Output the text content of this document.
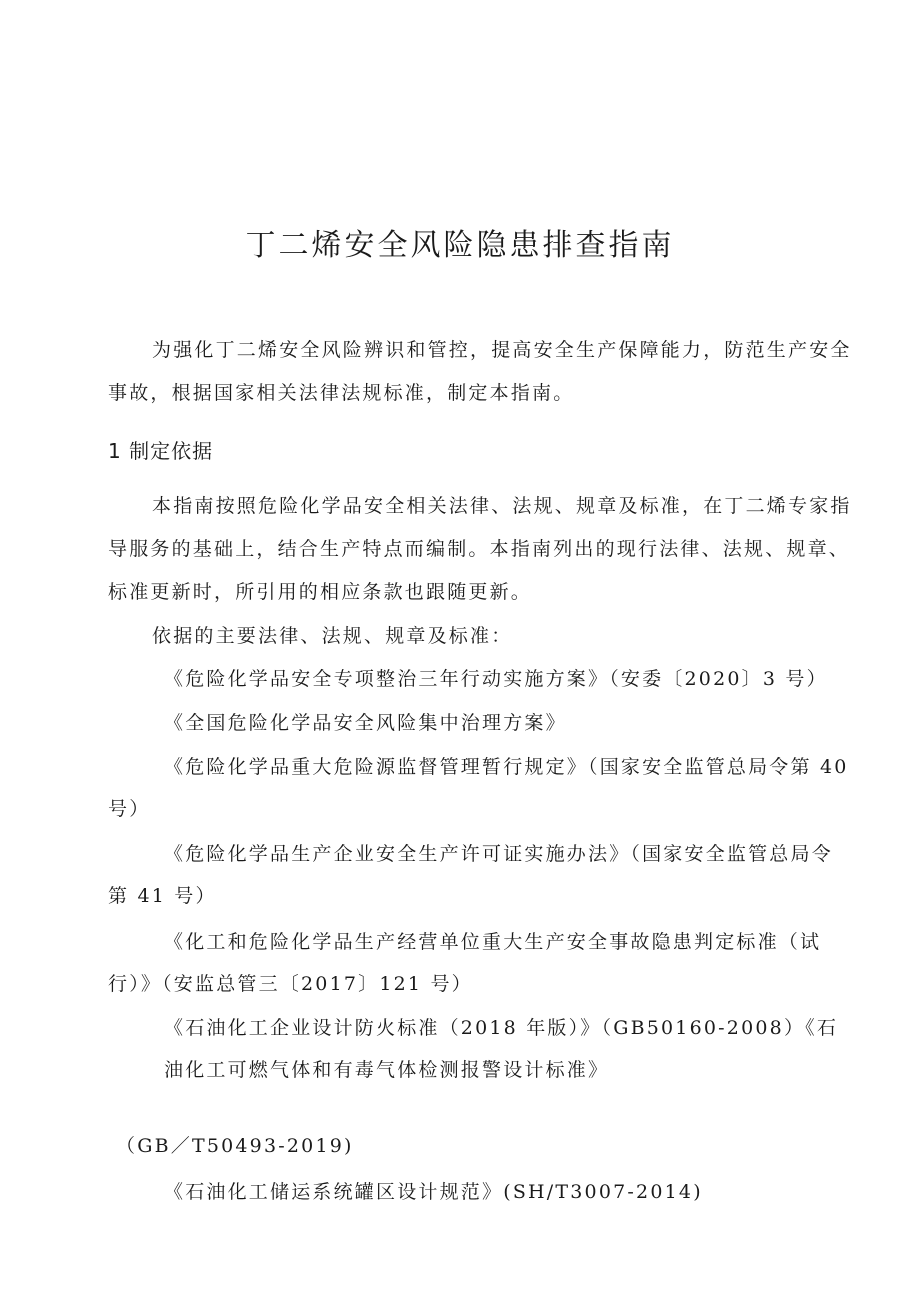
丁二烯安全风险隐患排查指南
为强化丁二烯安全风险辨识和管控，提高安全生产保障能力，防范生产安全
事故，根据国家相关法律法规标准，制定本指南。
1 制定依据
本指南按照危险化学品安全相关法律、法规、规章及标准，在丁二烯专家指
导服务的基础上，结合生产特点而编制。本指南列出的现行法律、法规、规章、
标准更新时，所引用的相应条款也跟随更新。
依据的主要法律、法规、规章及标准：
《危险化学品安全专项整治三年行动实施方案》（安委〔2020〕3 号）
《全国危险化学品安全风险集中治理方案》
《危险化学品重大危险源监督管理暂行规定》（国家安全监管总局令第 40
号）
《危险化学品生产企业安全生产许可证实施办法》（国家安全监管总局令
第 41 号）
《化工和危险化学品生产经营单位重大生产安全事故隐患判定标准（试
行）》（安监总管三〔2017〕121 号）
《石油化工企业设计防火标准（2018 年版）》（GB50160-2008）《石
油化工可燃气体和有毒气体检测报警设计标准》
（GB／T50493-2019)
《石油化工储运系统罐区设计规范》(SH/T3007-2014)
